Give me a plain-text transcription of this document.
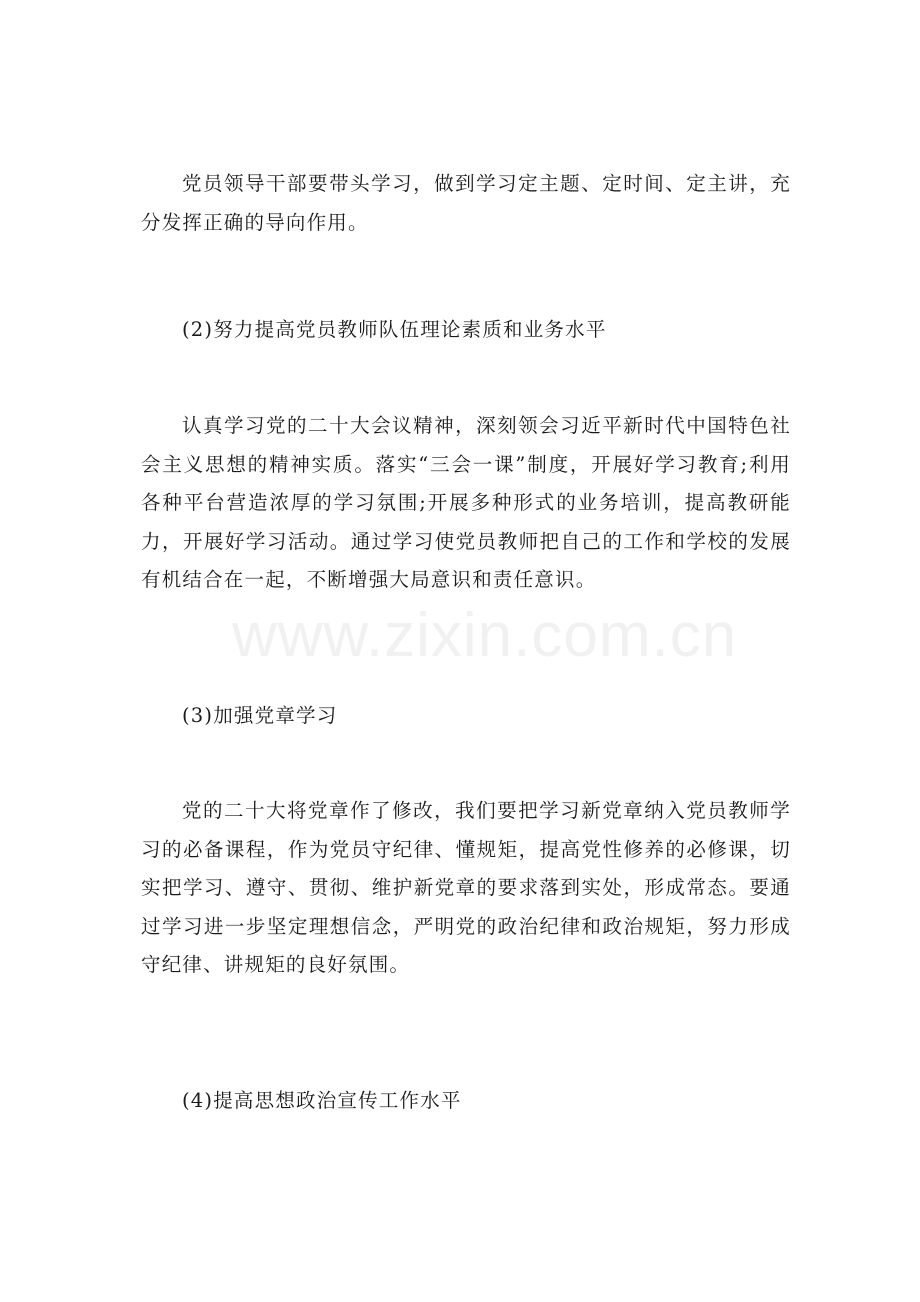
党员领导干部要带头学习，做到学习定主题、定时间、定主讲，充分发挥正确的导向作用。

(2)努力提高党员教师队伍理论素质和业务水平

认真学习党的二十大会议精神，深刻领会习近平新时代中国特色社会主义思想的精神实质。落实“三会一课”制度，开展好学习教育;利用各种平台营造浓厚的学习氛围;开展多种形式的业务培训，提高教研能力，开展好学习活动。通过学习使党员教师把自己的工作和学校的发展有机结合在一起，不断增强大局意识和责任意识。

(3)加强党章学习

党的二十大将党章作了修改，我们要把学习新党章纳入党员教师学习的必备课程，作为党员守纪律、懂规矩，提高党性修养的必修课，切实把学习、遵守、贯彻、维护新党章的要求落到实处，形成常态。要通过学习进一步坚定理想信念，严明党的政治纪律和政治规矩，努力形成守纪律、讲规矩的良好氛围。

(4)提高思想政治宣传工作水平

www.zixin.com.cn
